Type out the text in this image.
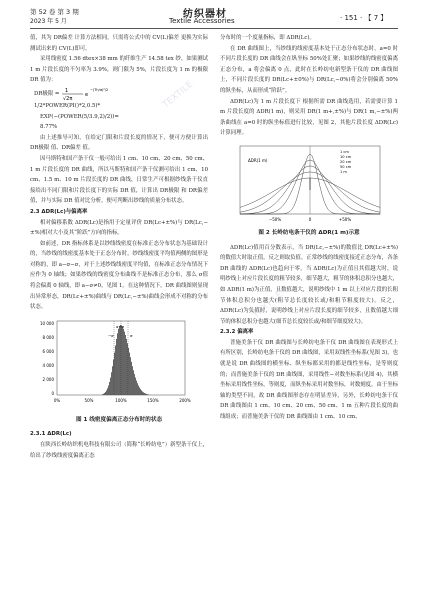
第 52 卷 第 3 期
2023 年 5 月
纺织器材
Textile Accessories	· 151 · 【 7 】
TEXTILE
TEXTILE

值，其为 DR偏差 计算方法相同，只需将公式中的 CV(L)偏差 更换为实际测试出来的 CV(L)即可。

采用线密度 1.56 dtex×38 mm 的纤维生产 14.58 tex 纱，如果测试 1 m 片段长度的不匀率为 3.9%，则门限为 5%，片段长度为 1 m 的极限 DR 值为：

DR极限 = 1
√2π
e
−(Th/σ)²/2
1/2*POWER(PI()*2,0.5)*
EXP(−(POWER(5/3.9,2)/2))=
8.77%

由上述推导可知，在给定门限和片段长度的情况下，便可方便计算出 DR极限 值、DR偏差 值。

因马斯特和国产条干仪一般可给出 1 cm、10 cm、20 cm、50 cm、1 m 片段长度的 DR 曲线，所以马斯特和国产条干仪测可给出 1 cm、10 cm、1.5 m、10 m 片段长度的 DR 曲线，日常生产可根据纱线条干仪直接给出不同门限和片段长度下的实际 DR 值，计算出 DR极限 和 DR偏差 值，并与实际 DR 值对比分析，便可判断出纱线的质量分布状态。

2.3 ΔDR(Lc)与偏离率

相对偏移系数 ΔDR(Lc)是指用于定量评价 DR(Lc+±%)与 DR(Lc,−±%)相对大小及其“阶跃”方向的指标。

如前述，DR 指标体系是以纱线线密度在标准正态分布状态为基础设计的，当纱线的线密度基本处于正态分布时，纱线线密度平均值两侧的图形是对称的，即 a−σ−σ，对于上述纱线线密度平均值，在标准正态分布情况下应作为 0 轴线；如果纱线的线密度分布曲线不是标准正态分布，那么 σ值将会偏离 0 轴线，即 a−σ≠0，见图 1。在这种情况下，DR 曲线图则显现出异常形态，DR(Lc+±%)曲线与 DR(Lc,−±%)曲线会形成不对称的分布状态。

10 000
8 000
6 000
4 000
2 000
0
a−σ
−σ	σ
0%	50%	100%	150%	200%
图 1 线密度偏离正态分布时的状态

2.3.1 ΔDR(Lc)

在陕西长岭纺织机电科技有限公司（简称“长岭纺电”）新型条干仪上，给出了纱线线密度偏离正态

分布时的一个度量指标，即 ΔDR(Lc)。

在 DR 曲线图上，当纱线的线密度基本处于正态分布状态时，a=0 时不同片段长度的 DR 曲线会在纵坐标 50%处汇聚；如果纱线的线密度偏离正态分布，a 将会偏离 0 点，此时在长岭纺电新型条干仪的 DR 曲线图上，不同片段长度的 DR(Lc+±0%)与 DR(Lc,−0%)将会分别偏离 50%的纵坐标，从而形成“阶跃”。

ΔDR(Lc)为 1 m 片段长度下 根据所需 DR 曲线选用，若需要计算 1 m 片段长度的 ΔDR(1 m)，则采用 DR(1 m+,±%)与 DR(1 m,−±%)两条曲线在 a=0 时的纵坐标值进行比较，见图 2，其他片段长度 ΔDR(Lc)计算同理。

ΔDR(1 m)
1 cm
10 cm
20 cm
50 cm
1 m
−50%	0	+50%
图 2 长岭纺电条干仪的 ΔDR(1 m)示意

ΔDR(Lc)值用百分数表示，当 DR(Lc,−±%)的数值比 DR(Lc+±%)的数值大时取正值，反之则取负值。正常纱线的线密度接近正态分布，各条 DR 曲线的 ΔDR(Lc)也趋向于零。当 ΔDR(Lc)为正值且其值越大时，说明纱线上对应片段长度的粗节较多，细节越大，粗节的体积总积分也越大，如 ΔDR(1 m)为正值，且数值越大，说明纱线中 1 m 以上对应片段的长粗节体积总积分也越大(粗节总长度较长或/和粗节粗度较大)。反之，ΔDR(Lc)为负值时，说明纱线上对应片段长度的细节较多，且数值越大细节的体积总积分也越大(细节总长度较长或/和细节细度较大)。

2.3.2 偏离率

普施美条干仪 DR 曲线图与长岭纺电条干仪 DR 曲线图在表现形式上有所区别，长岭纺电条干仪的 DR 曲线图，采用双线性坐标系(见图 3)，也就是说 DR 曲线图的横坐标、纵坐标都采用的都是线性坐标，是等则度的；而普施美条干仪的 DR 曲线图，采用线性−对数坐标系(见图 4)，其横坐标采用线性坐标，等则度，而纵坐标采用对数坐标，对数刻度。由于坐标轴的类型不同，故 DR 曲线图形态存在明显差异，另外，长岭纺电条干仪 DR 曲线图由 1 cm、10 cm、20 cm、50 cm、1 m 五种片段长度的曲线组成；而普施美条干仪的 DR 曲线图由 1 cm、10 cm、
